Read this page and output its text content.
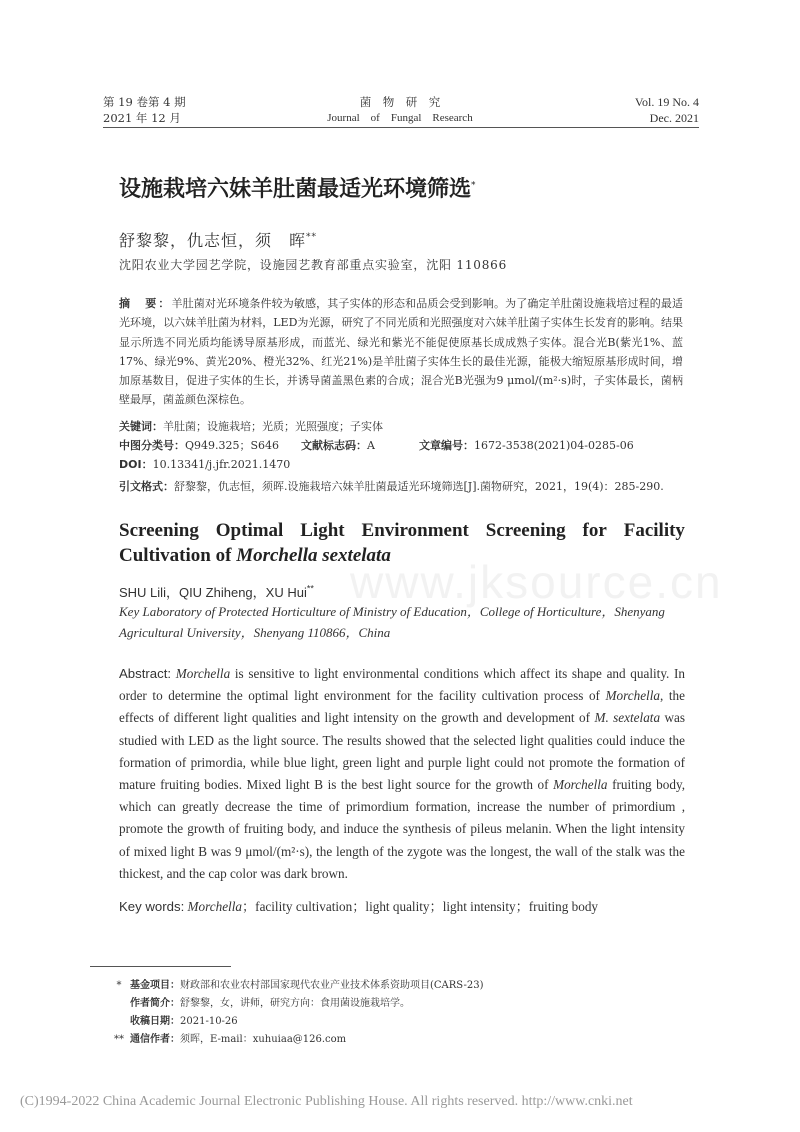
第 19 卷第 4 期
2021 年 12 月
菌　物　研　究
Journal　of　Fungal　Research
Vol. 19 No. 4
Dec. 2021
设施栽培六妹羊肚菌最适光环境筛选*
舒黎黎，仇志恒，须　晖**
沈阳农业大学园艺学院，设施园艺教育部重点实验室，沈阳 110866
摘　要：羊肚菌对光环境条件较为敏感，其子实体的形态和品质会受到影响。为了确定羊肚菌设施栽培过程的最适光环境，以六妹羊肚菌为材料，LED为光源，研究了不同光质和光照强度对六妹羊肚菌子实体生长发育的影响。结果显示所选不同光质均能诱导原基形成，而蓝光、绿光和紫光不能促使原基长成成熟子实体。混合光B(紫光1%、蓝17%、绿光9%、黄光20%、橙光32%、红光21%)是羊肚菌子实体生长的最佳光源，能极大缩短原基形成时间，增加原基数目，促进子实体的生长，并诱导菌盖黑色素的合成；混合光B光强为9 μmol/(m²·s)时，子实体最长，菌柄壁最厚，菌盖颜色深棕色。
关键词：羊肚菌；设施栽培；光质；光照强度；子实体
中图分类号：Q949.325；S646 文献标志码：A	文章编号：1672-3538(2021)04-0285-06
DOI：10.13341/j.jfr.2021.1470
引文格式：舒黎黎，仇志恒，须晖.设施栽培六妹羊肚菌最适光环境筛选[J].菌物研究，2021，19(4)：285-290.
www.jksource.cn
Screening Optimal Light Environment Screening for Facility
Cultivation of Morchella sextelata
SHU Lili，QIU Zhiheng，XU Hui**
Key Laboratory of Protected Horticulture of Ministry of Education，College of Horticulture，Shenyang Agricultural University，Shenyang 110866，China
Abstract: Morchella is sensitive to light environmental conditions which affect its shape and quality. In order to determine the optimal light environment for the facility cultivation process of Morchella, the effects of different light qualities and light intensity on the growth and development of M. sextelata was studied with LED as the light source. The results showed that the selected light qualities could induce the formation of primordia, while blue light, green light and purple light could not promote the formation of mature fruiting bodies. Mixed light B is the best light source for the growth of Morchella fruiting body, which can greatly decrease the time of primordium formation, increase the number of primordium , promote the growth of fruiting body, and induce the synthesis of pileus melanin. When the light intensity of mixed light B was 9 μmol/(m²·s), the length of the zygote was the longest, the wall of the stalk was the thickest, and the cap color was dark brown.
Key words: Morchella；facility cultivation；light quality；light intensity；fruiting body
* 基金项目：财政部和农业农村部国家现代农业产业技术体系资助项目(CARS-23)
作者简介：舒黎黎，女，讲师，研究方向：食用菌设施栽培学。
收稿日期：2021-10-26
** 通信作者：须晖，E-mail：xuhuiaa@126.com
(C)1994-2022 China Academic Journal Electronic Publishing House. All rights reserved. http://www.cnki.net
